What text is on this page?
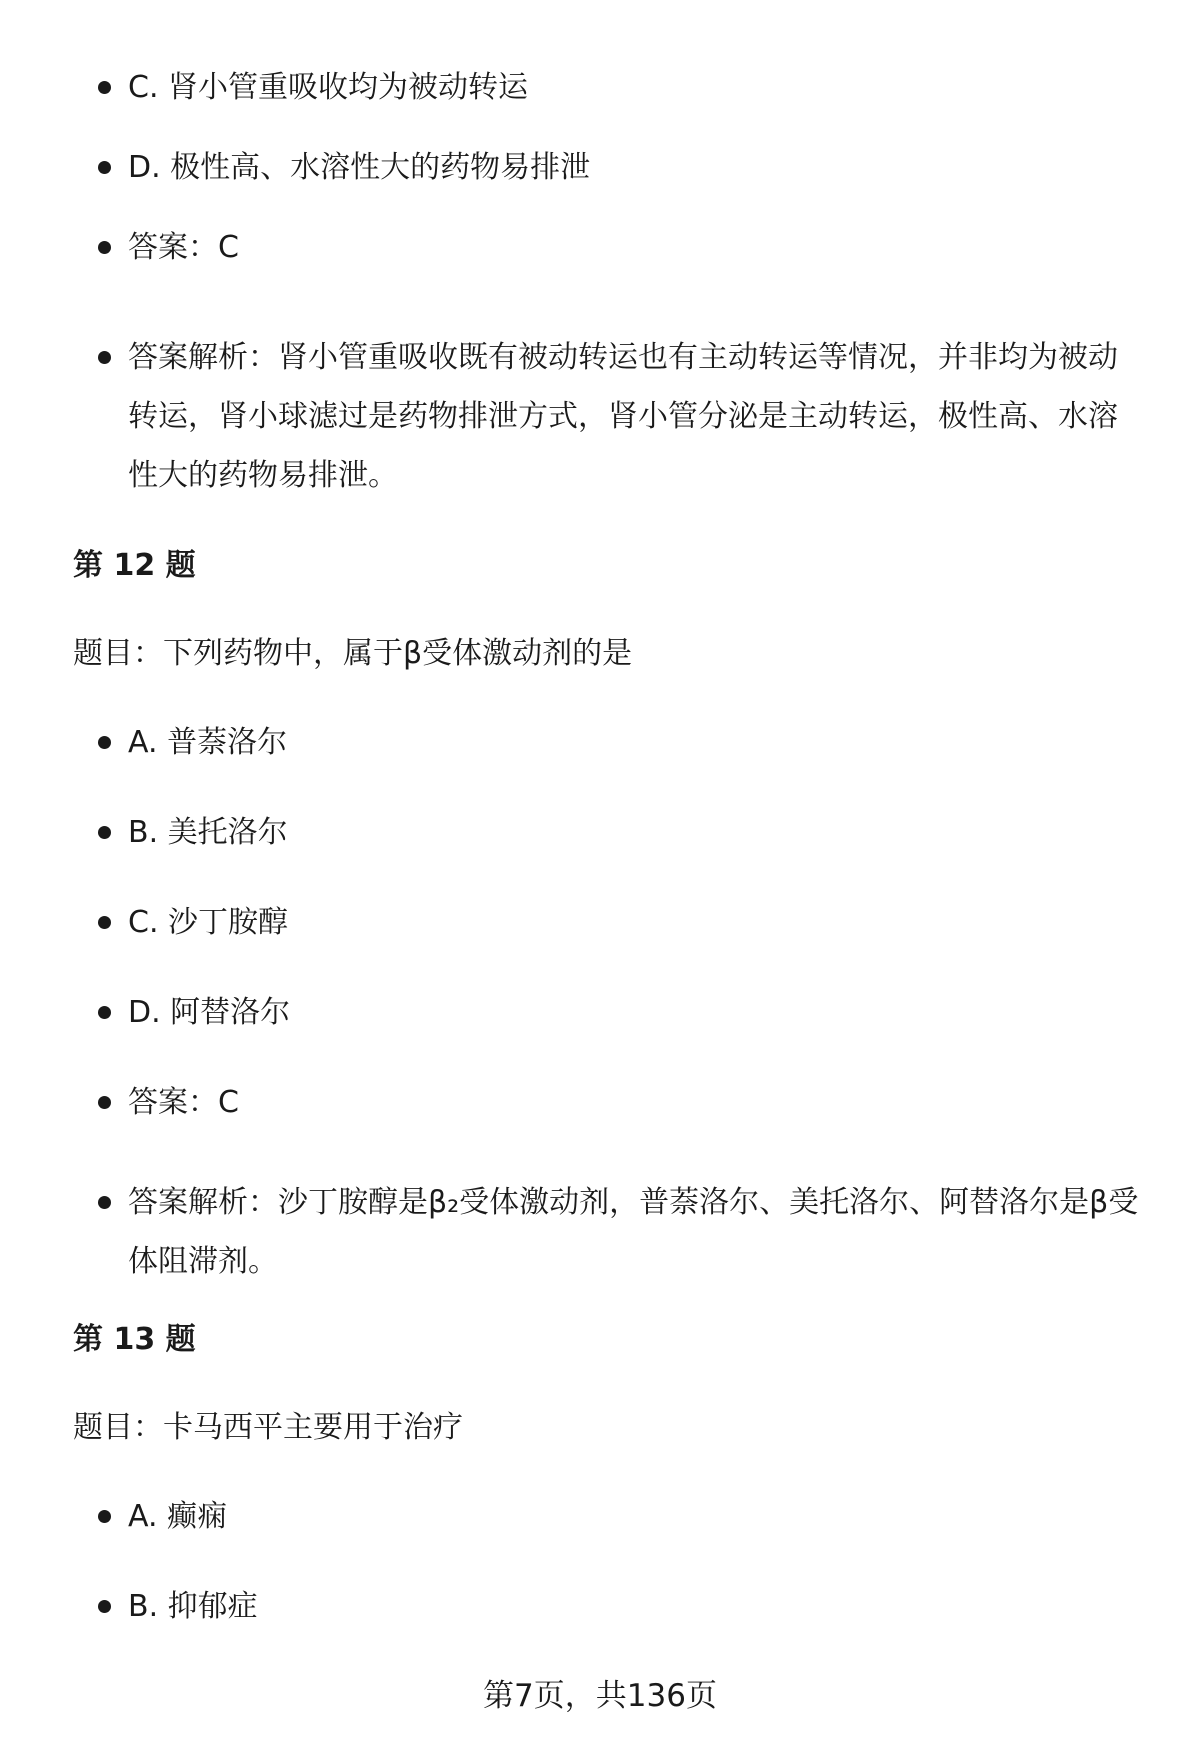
C. 肾小管重吸收均为被动转运
D. 极性高、水溶性大的药物易排泄
答案：C
答案解析：肾小管重吸收既有被动转运也有主动转运等情况，并非均为被动转运，肾小球滤过是药物排泄方式，肾小管分泌是主动转运，极性高、水溶性大的药物易排泄。
第 12 题
题目：下列药物中，属于β受体激动剂的是
A. 普萘洛尔
B. 美托洛尔
C. 沙丁胺醇
D. 阿替洛尔
答案：C
答案解析：沙丁胺醇是β₂受体激动剂，普萘洛尔、美托洛尔、阿替洛尔是β受体阻滞剂。
第 13 题
题目：卡马西平主要用于治疗
A. 癫痫
B. 抑郁症
第7页，共136页
